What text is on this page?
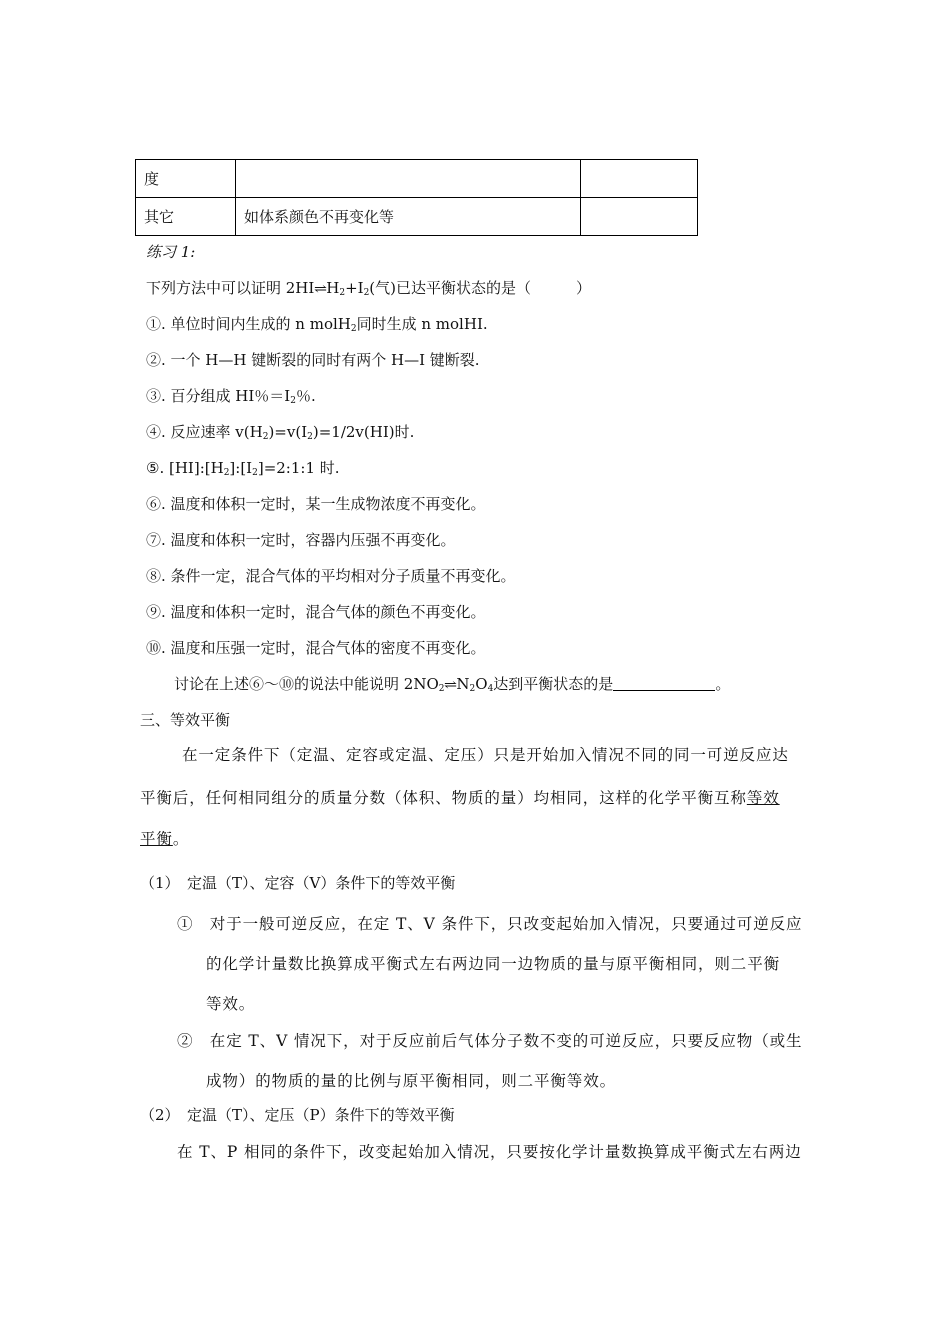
度		
其它	如体系颜色不再变化等	
练习 1:
下列方法中可以证明 $2HI\rightleftharpoons H_2+I_2$(气)已达平衡状态的是（　　　）
①. 单位时间内生成的 n molH$_2$同时生成 n molHI.
②. 一个 H—H 键断裂的同时有两个 H—I 键断裂.
③. 百分组成 HI％$=I_2$％.
④. 反应速率 $v(H_2)=v(I_2)=1/2v(HI)$时.
⑤. $[HI]:[H_2]:[I_2]=2:1:1$ 时.
⑥. 温度和体积一定时，某一生成物浓度不再变化。
⑦. 温度和体积一定时，容器内压强不再变化。
⑧. 条件一定，混合气体的平均相对分子质量不再变化。
⑨. 温度和体积一定时，混合气体的颜色不再变化。
⑩. 温度和压强一定时，混合气体的密度不再变化。
讨论在上述⑥～⑩的说法中能说明 $2NO_2\rightleftharpoons N_2O_4$达到平衡状态的是	。
三、等效平衡
在一定条件下（定温、定容或定温、定压）只是开始加入情况不同的同一可逆反应达
平衡后，任何相同组分的质量分数（体积、物质的量）均相同，这样的化学平衡互称等效
平衡。
（1）　定温（T）、定容（V）条件下的等效平衡
①　对于一般可逆反应，在定 T、V 条件下，只改变起始加入情况，只要通过可逆反应
的化学计量数比换算成平衡式左右两边同一边物质的量与原平衡相同，则二平衡
等效。
②　在定 T、V 情况下，对于反应前后气体分子数不变的可逆反应，只要反应物（或生
成物）的物质的量的比例与原平衡相同，则二平衡等效。
（2）　定温（T）、定压（P）条件下的等效平衡
在 T、P 相同的条件下，改变起始加入情况，只要按化学计量数换算成平衡式左右两边
